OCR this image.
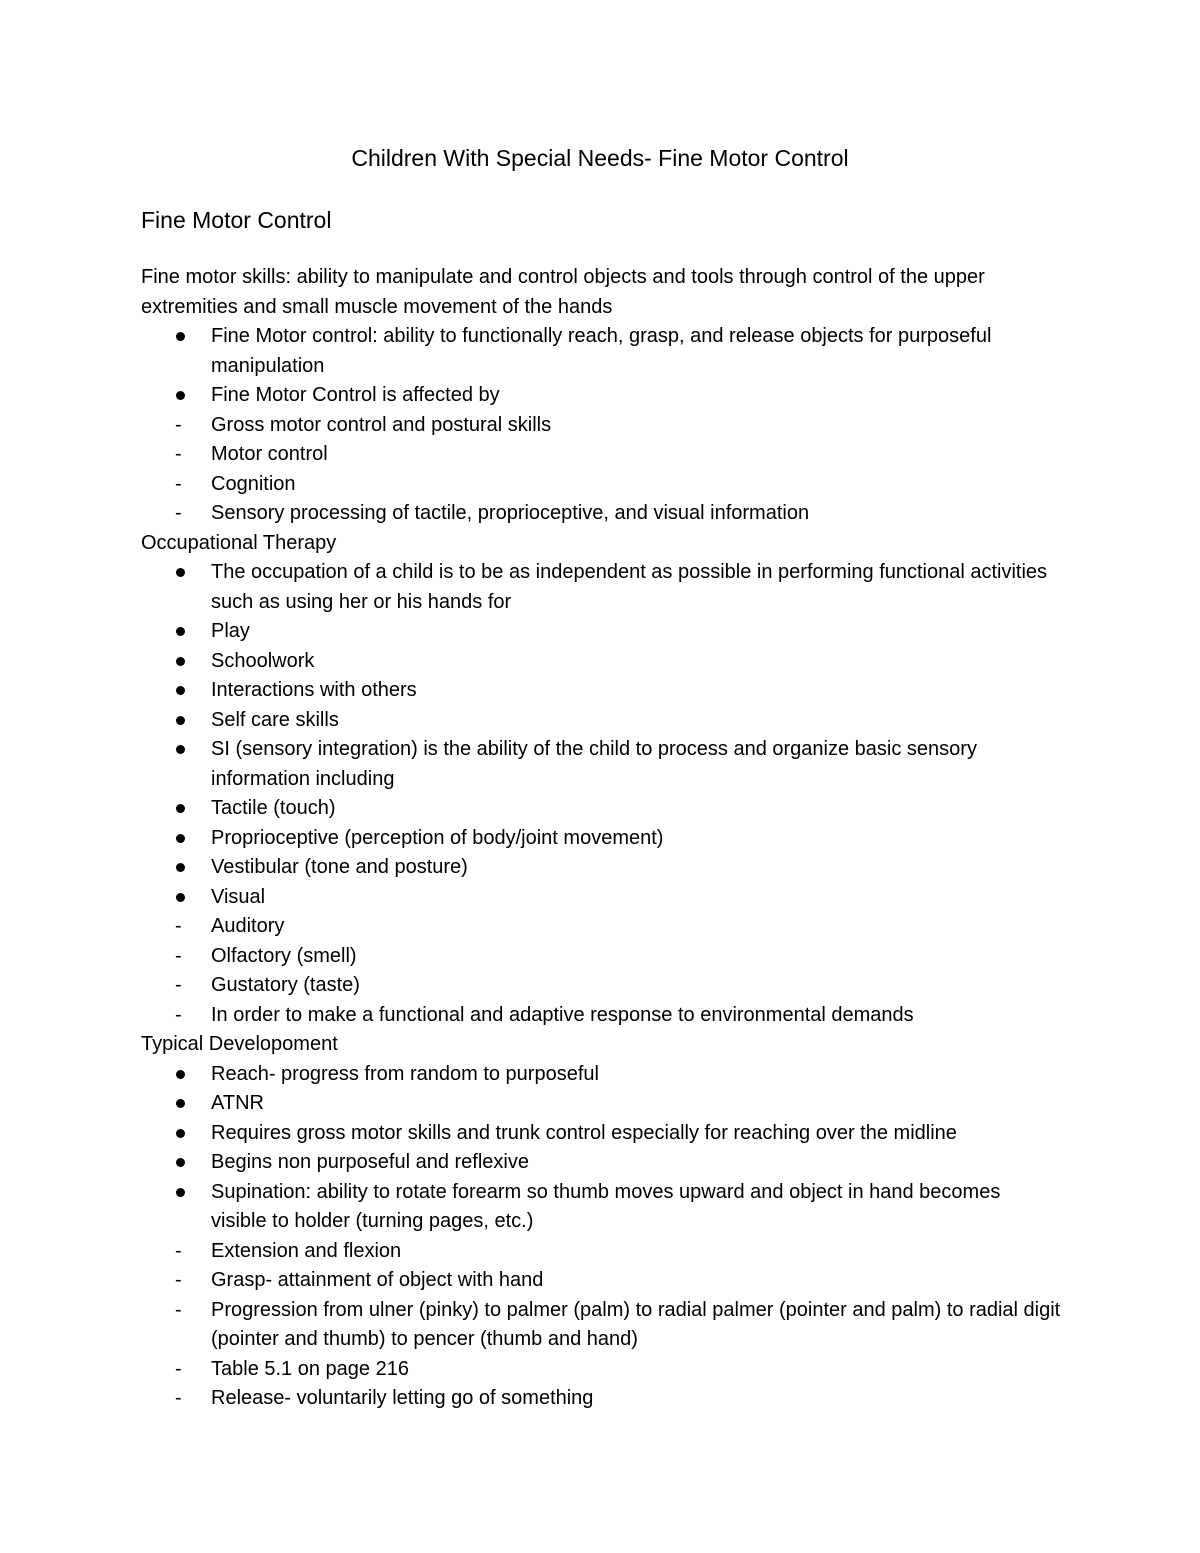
Children With Special Needs- Fine Motor Control
Fine Motor Control

Fine motor skills: ability to manipulate and control objects and tools through control of the upper extremities and small muscle movement of the hands

Fine Motor control: ability to functionally reach, grasp, and release objects for purposeful manipulation
Fine Motor Control is affected by
Gross motor control and postural skills
Motor control
Cognition
Sensory processing of tactile, proprioceptive, and visual information

Occupational Therapy

The occupation of a child is to be as independent as possible in performing functional activities such as using her or his hands for
Play
Schoolwork
Interactions with others
Self care skills
SI (sensory integration) is the ability of the child to process and organize basic sensory information including
Tactile (touch)
Proprioceptive (perception of body/joint movement)
Vestibular (tone and posture)
Visual
Auditory
Olfactory (smell)
Gustatory (taste)
In order to make a functional and adaptive response to environmental demands

Typical Developoment

Reach- progress from random to purposeful
ATNR
Requires gross motor skills and trunk control especially for reaching over the midline
Begins non purposeful and reflexive
Supination: ability to rotate forearm so thumb moves upward and object in hand becomes visible to holder (turning pages, etc.)
Extension and flexion
Grasp- attainment of object with hand
Progression from ulner (pinky) to palmer (palm) to radial palmer (pointer and palm) to radial digit (pointer and thumb) to pencer (thumb and hand)
Table 5.1 on page 216
Release- voluntarily letting go of something
